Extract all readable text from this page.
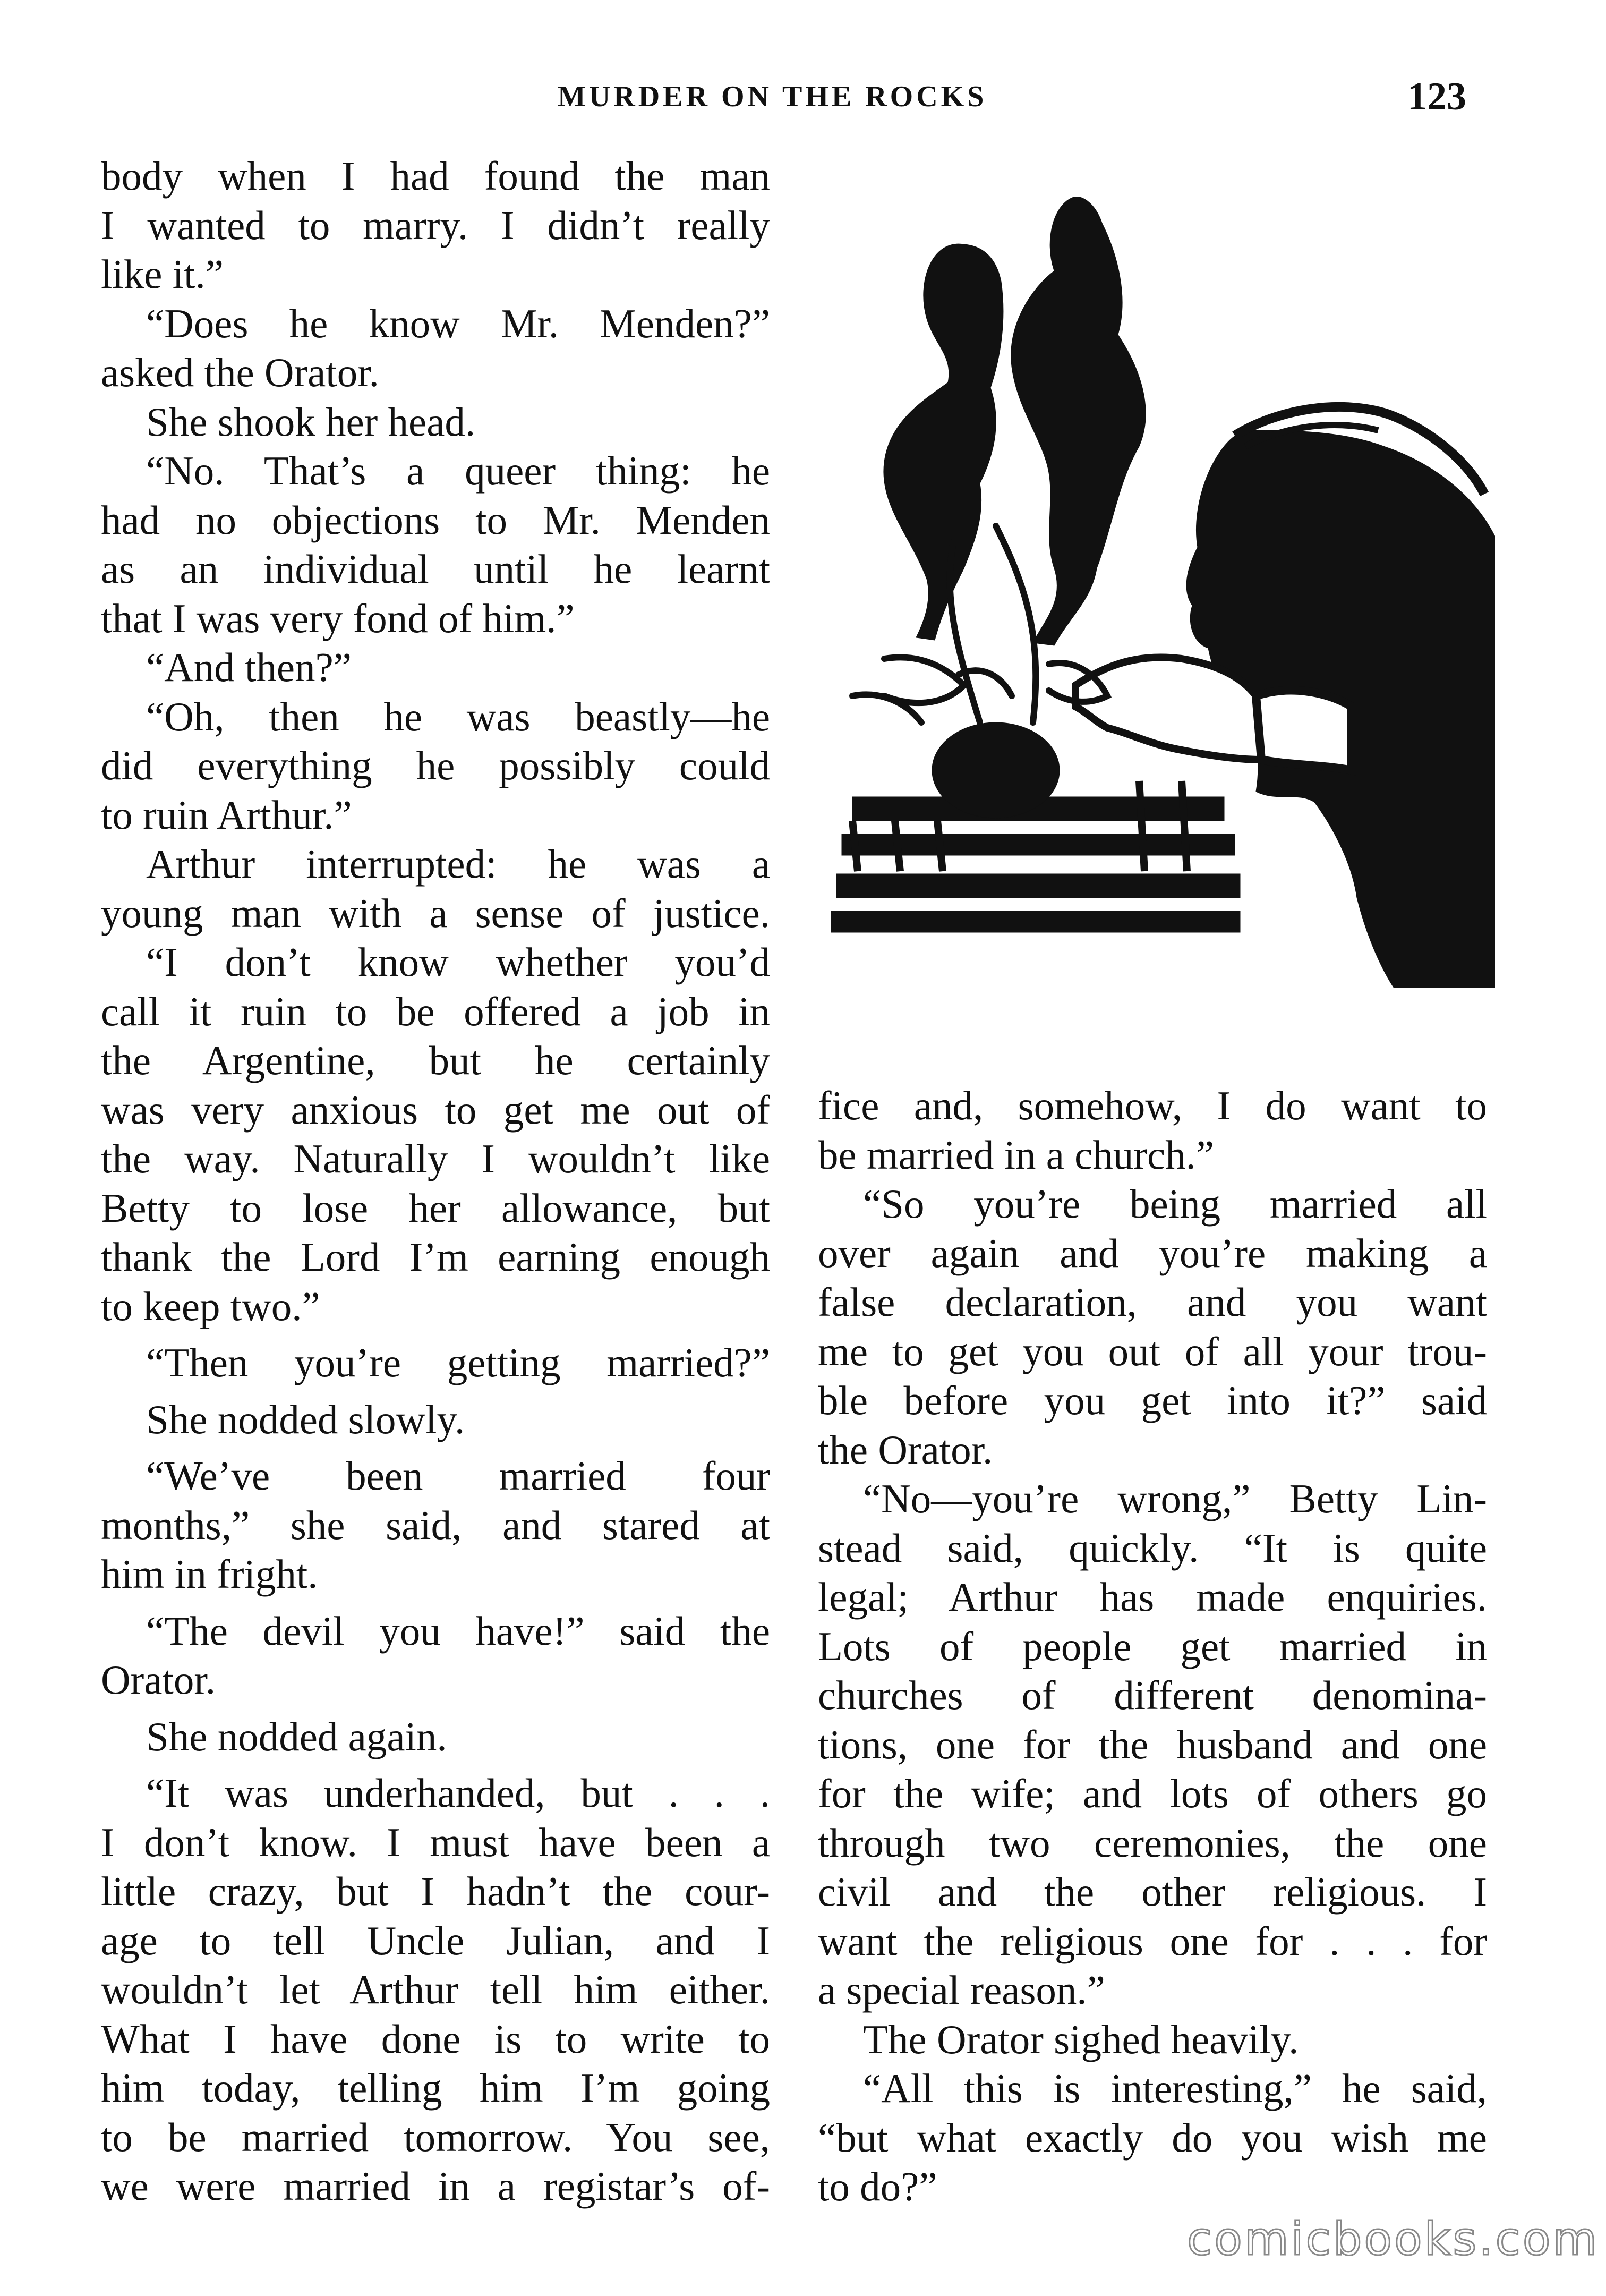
MURDER ON THE ROCKS	123
body when I had found the man
I wanted to marry. I didn’t really
like it.”
“Does he know Mr. Menden?”
asked the Orator.
She shook her head.
“No. That’s a queer thing: he
had no objections to Mr. Menden
as an individual until he learnt
that I was very fond of him.”
“And then?”
“Oh, then he was beastly—he
did everything he possibly could
to ruin Arthur.”
Arthur interrupted: he was a
young man with a sense of justice.
“I don’t know whether you’d
call it ruin to be offered a job in
the Argentine, but he certainly
was very anxious to get me out of
the way. Naturally I wouldn’t like
Betty to lose her allowance, but
thank the Lord I’m earning enough
to keep two.”
“Then you’re getting married?”
She nodded slowly.
“We’ve been married four
months,” she said, and stared at
him in fright.
“The devil you have!” said the
Orator.
She nodded again.
“It was underhanded, but . . .
I don’t know. I must have been a
little crazy, but I hadn’t the cour-
age to tell Uncle Julian, and I
wouldn’t let Arthur tell him either.
What I have done is to write to
him today, telling him I’m going
to be married tomorrow. You see,
we were married in a registar’s of-
fice and, somehow, I do want to
be married in a church.”
“So you’re being married all
over again and you’re making a
false declaration, and you want
me to get you out of all your trou-
ble before you get into it?” said
the Orator.
“No—you’re wrong,” Betty Lin-
stead said, quickly. “It is quite
legal; Arthur has made enquiries.
Lots of people get married in
churches of different denomina-
tions, one for the husband and one
for the wife; and lots of others go
through two ceremonies, the one
civil and the other religious. I
want the religious one for . . . for
a special reason.”
The Orator sighed heavily.
“All this is interesting,” he said,
“but what exactly do you wish me
to do?”
comicbooks.com
